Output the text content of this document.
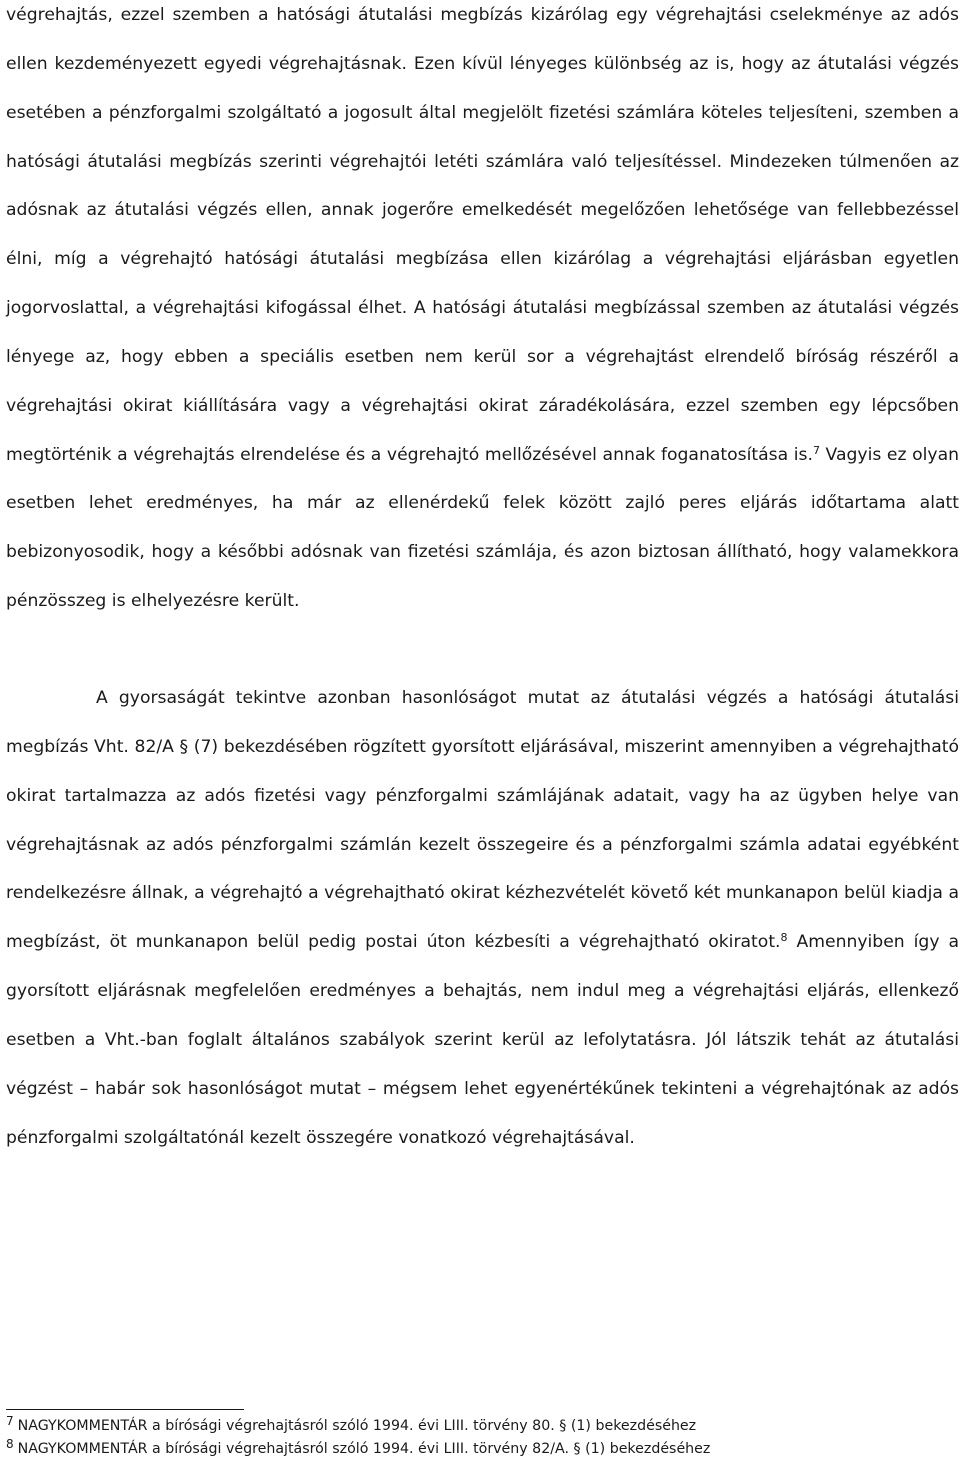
végrehajtás, ezzel szemben a hatósági átutalási megbízás kizárólag egy végrehajtási cselekménye az adós ellen kezdeményezett egyedi végrehajtásnak. Ezen kívül lényeges különbség az is, hogy az átutalási végzés esetében a pénzforgalmi szolgáltató a jogosult által megjelölt fizetési számlára köteles teljesíteni, szemben a hatósági átutalási megbízás szerinti végrehajtói letéti számlára való teljesítéssel. Mindezeken túlmenően az adósnak az átutalási végzés ellen, annak jogerőre emelkedését megelőzően lehetősége van fellebbezéssel élni, míg a végrehajtó hatósági átutalási megbízása ellen kizárólag a végrehajtási eljárásban egyetlen jogorvoslattal, a végrehajtási kifogással élhet. A hatósági átutalási megbízással szemben az átutalási végzés lényege az, hogy ebben a speciális esetben nem kerül sor a végrehajtást elrendelő bíróság részéről a végrehajtási okirat kiállítására vagy a végrehajtási okirat záradékolására, ezzel szemben egy lépcsőben megtörténik a végrehajtás elrendelése és a végrehajtó mellőzésével annak foganatosítása is.$^7$ Vagyis ez olyan esetben lehet eredményes, ha már az ellenérdekű felek között zajló peres eljárás időtartama alatt bebizonyosodik, hogy a későbbi adósnak van fizetési számlája, és azon biztosan állítható, hogy valamekkora pénzösszeg is elhelyezésre került.

A gyorsaságát tekintve azonban hasonlóságot mutat az átutalási végzés a hatósági átutalási megbízás Vht. 82/A § (7) bekezdésében rögzített gyorsított eljárásával, miszerint amennyiben a végrehajtható okirat tartalmazza az adós fizetési vagy pénzforgalmi számlájának adatait, vagy ha az ügyben helye van végrehajtásnak az adós pénzforgalmi számlán kezelt összegeire és a pénzforgalmi számla adatai egyébként rendelkezésre állnak, a végrehajtó a végrehajtható okirat kézhezvételét követő két munkanapon belül kiadja a megbízást, öt munkanapon belül pedig postai úton kézbesíti a végrehajtható okiratot.$^8$ Amennyiben így a gyorsított eljárásnak megfelelően eredményes a behajtás, nem indul meg a végrehajtási eljárás, ellenkező esetben a Vht.-ban foglalt általános szabályok szerint kerül az lefolytatásra. Jól látszik tehát az átutalási végzést – habár sok hasonlóságot mutat – mégsem lehet egyenértékűnek tekinteni a végrehajtónak az adós pénzforgalmi szolgáltatónál kezelt összegére vonatkozó végrehajtásával.

$^7$ NAGYKOMMENTÁR a bírósági végrehajtásról szóló 1994. évi LIII. törvény 80. § (1) bekezdéséhez
$^8$ NAGYKOMMENTÁR a bírósági végrehajtásról szóló 1994. évi LIII. törvény 82/A. § (1) bekezdéséhez
